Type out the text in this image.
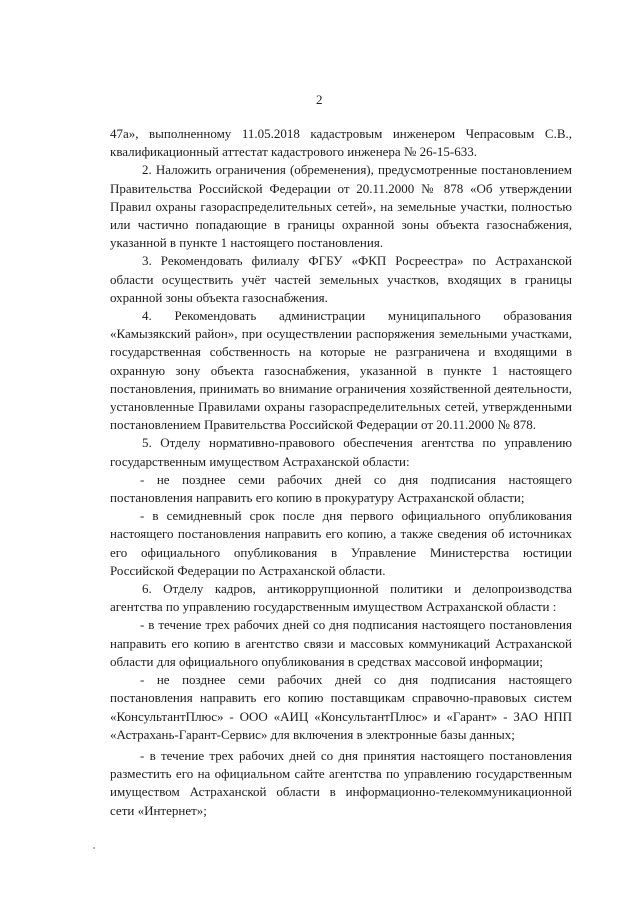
2

47а», выполненному 11.05.2018 кадастровым инженером Чепрасовым С.В., квалификационный аттестат кадастрового инженера № 26-15-633.

2. Наложить ограничения (обременения), предусмотренные постановлением Правительства Российской Федерации от 20.11.2000 № 878 «Об утверждении Правил охраны газораспределительных сетей», на земельные участки, полностью или частично попадающие в границы охранной зоны объекта газоснабжения, указанной в пункте 1 настоящего постановления.

3. Рекомендовать филиалу ФГБУ «ФКП Росреестра» по Астраханской области осуществить учёт частей земельных участков, входящих в границы охранной зоны объекта газоснабжения.

4. Рекомендовать администрации муниципального образования «Камызякский район», при осуществлении распоряжения земельными участками, государственная собственность на которые не разграничена и входящими в охранную зону объекта газоснабжения, указанной в пункте 1 настоящего постановления, принимать во внимание ограничения хозяйственной деятельности, установленные Правилами охраны газораспределительных сетей, утвержденными постановлением Правительства Российской Федерации от 20.11.2000 № 878.

5. Отделу нормативно-правового обеспечения агентства по управлению государственным имуществом Астраханской области:

- не позднее семи рабочих дней со дня подписания настоящего постановления направить его копию в прокуратуру Астраханской области;

- в семидневный срок после дня первого официального опубликования настоящего постановления направить его копию, а также сведения об источниках его официального опубликования в Управление Министерства юстиции Российской Федерации по Астраханской области.

6. Отделу кадров, антикоррупционной политики и делопроизводства агентства по управлению государственным имуществом Астраханской области :

- в течение трех рабочих дней со дня подписания настоящего постановления направить его копию в агентство связи и массовых коммуникаций Астраханской области для официального опубликования в средствах массовой информации;

- не позднее семи рабочих дней со дня подписания настоящего постановления направить его копию поставщикам справочно-правовых систем «КонсультантПлюс» - ООО «АИЦ «КонсультантПлюс» и «Гарант» - ЗАО НПП «Астрахань-Гарант-Сервис» для включения в электронные базы данных;

- в течение трех рабочих дней со дня принятия настоящего постановления разместить его на официальном сайте агентства по управлению государственным имуществом Астраханской области в информационно-телекоммуникационной сети «Интернет»;
